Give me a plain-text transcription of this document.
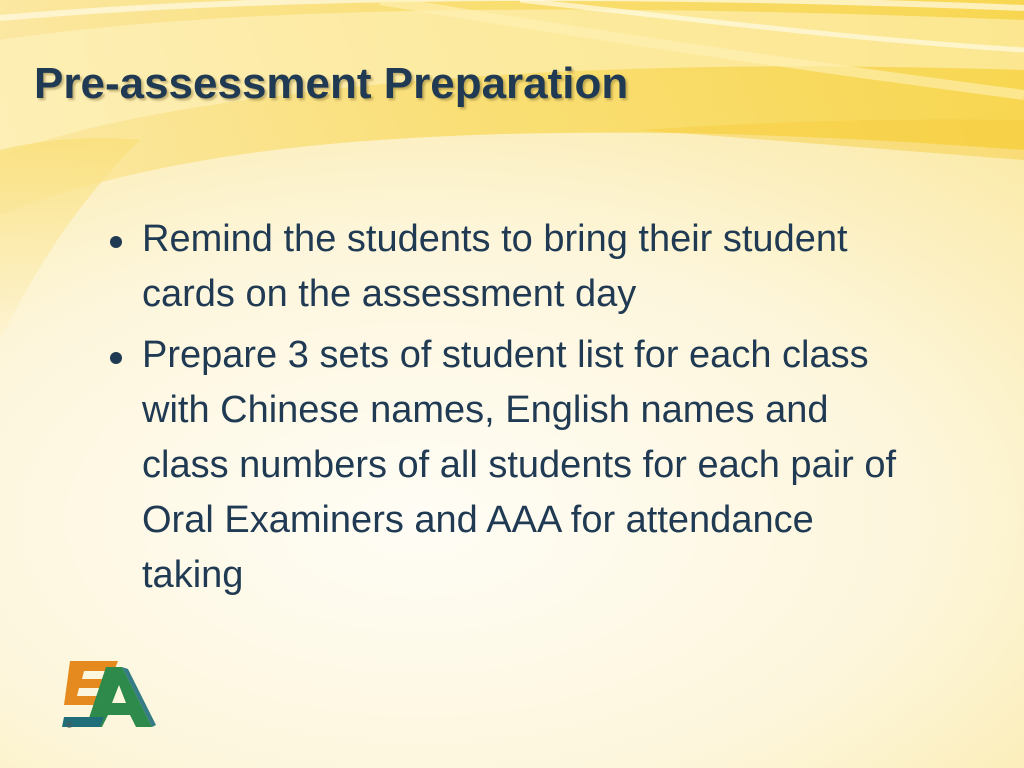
Pre-assessment Preparation
Remind the students to bring their student cards on the assessment day
Prepare 3 sets of student list for each class with Chinese names, English names and class numbers of all students for each pair of Oral Examiners and AAA for attendance taking
®
